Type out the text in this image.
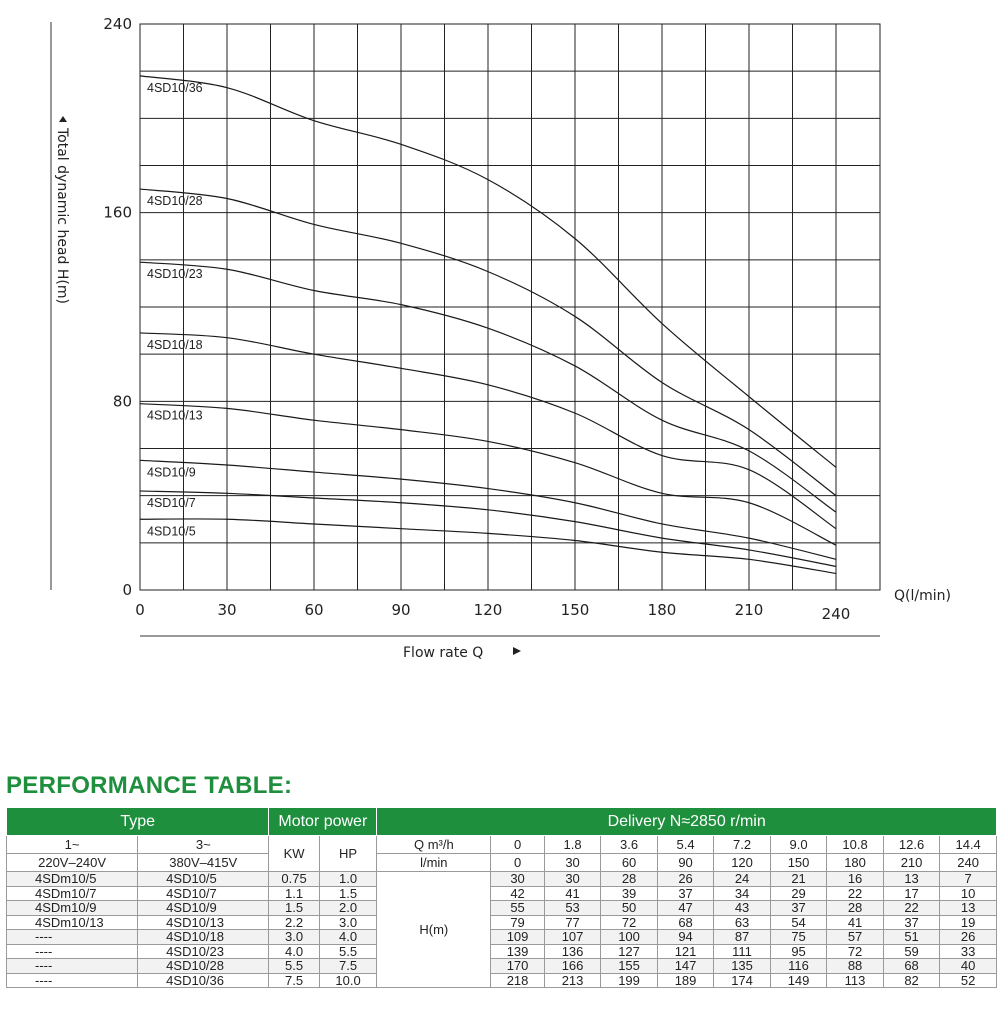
4SD10/36
4SD10/28
4SD10/23
4SD10/18
4SD10/13
4SD10/9
4SD10/7
4SD10/5
0	30	60	90	120	150	180	210	240
0
80
160
240
Total dynamic head H(m)
Flow rate Q
Q(l/min)
PERFORMANCE TABLE:
Type		Motor power		Delivery N≈2850 r/min									
1~	3~	KW	HP	Q m³/h	0	1.8	3.6	5.4	7.2	9.0	10.8	12.6	14.4
220V–240V	380V–415V			l/min	0	30	60	90	120	150	180	210	240
4SDm10/5	4SD10/5	0.75	1.0	H(m)	30	30	28	26	24	21	16	13	7
4SDm10/7	4SD10/7	1.1	1.5		42	41	39	37	34	29	22	17	10
4SDm10/9	4SD10/9	1.5	2.0		55	53	50	47	43	37	28	22	13
4SDm10/13	4SD10/13	2.2	3.0		79	77	72	68	63	54	41	37	19
----	4SD10/18	3.0	4.0		109	107	100	94	87	75	57	51	26
----	4SD10/23	4.0	5.5		139	136	127	121	111	95	72	59	33
----	4SD10/28	5.5	7.5		170	166	155	147	135	116	88	68	40
----	4SD10/36	7.5	10.0		218	213	199	189	174	149	113	82	52
